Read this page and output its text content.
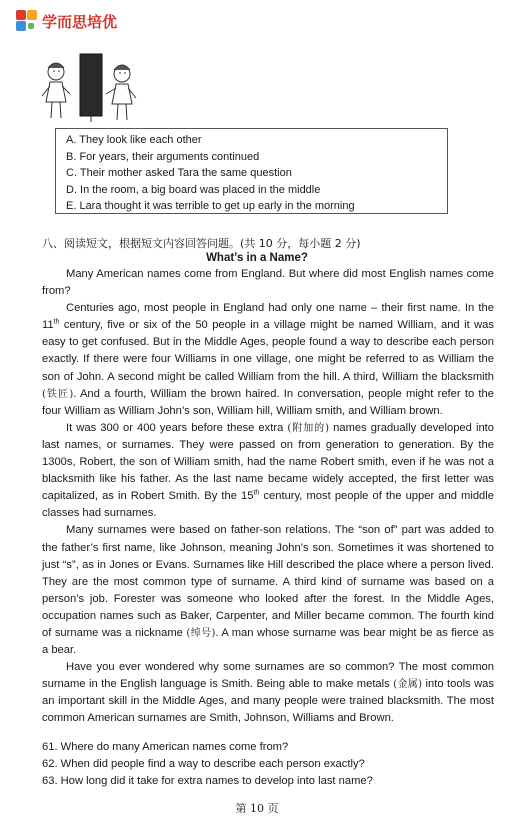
学而思培优
A. They look like each other
B. For years, their arguments continued
C. Their mother asked Tara the same question
D. In the room, a big board was placed in the middle
E. Lara thought it was terrible to get up early in the morning
八、阅读短文，根据短文内容回答问题。(共 10 分，每小题 2 分)
What’s in a Name?

Many American names come from England. But where did most English names come from?

Centuries ago, most people in England had only one name – their first name. In the 11th century, five or six of the 50 people in a village might be named William, and it was easy to get confused. But in the Middle Ages, people found a way to describe each person exactly. If there were four Williams in one village, one might be referred to as William the son of John. A second might be called William from the hill. A third, William the blacksmith (铁匠). And a fourth, William the brown haired. In conversation, people might refer to the four William as William John’s son, William hill, William smith, and William brown.

It was 300 or 400 years before these extra (附加的) names gradually developed into last names, or surnames. They were passed on from generation to generation. By the 1300s, Robert, the son of William smith, had the name Robert smith, even if he was not a blacksmith like his father. As the last name became widely accepted, the first letter was capitalized, as in Robert Smith. By the 15th century, most people of the upper and middle classes had surnames.

Many surnames were based on father-son relations. The “son of” part was added to the father’s first name, like Johnson, meaning John’s son. Sometimes it was shortened to just “s”, as in Jones or Evans. Surnames like Hill described the place where a person lived. They are the most common type of surname. A third kind of surname was based on a person’s job. Forester was someone who looked after the forest. In the Middle Ages, occupation names such as Baker, Carpenter, and Miller became common. The fourth kind of surname was a nickname (绰号). A man whose surname was bear might be as fierce as a bear.

Have you ever wondered why some surnames are so common? The most common surname in the English language is Smith. Being able to make metals (金属) into tools was an important skill in the Middle Ages, and many people were trained blacksmith. The most common American surnames are Smith, Johnson, Williams and Brown.

61. Where do many American names come from?
62. When did people find a way to describe each person exactly?
63. How long did it take for extra names to develop into last name?
第 10 页
